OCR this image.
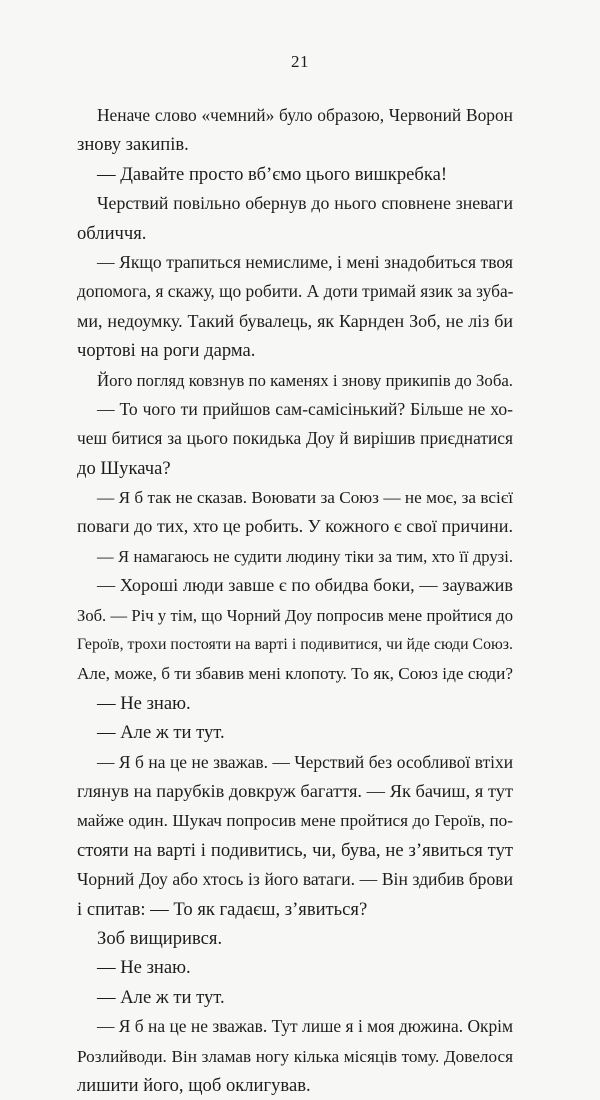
21
Неначе слово «чемний» було образою, Червоний Ворон
знову закипів.
— Давайте просто вб’ємо цього вишкребка!
Черствий повільно обернув до нього сповнене зневаги
обличчя.
— Якщо трапиться немислиме, і мені знадобиться твоя
допомога, я скажу, що робити. А доти тримай язик за зуба-
ми, недоумку. Такий бувалець, як Карнден Зоб, не ліз би
чортові на роги дарма.
Його погляд ковзнув по каменях і знову прикипів до Зоба.
— То чого ти прийшов сам-самісінький? Більше не хо-
чеш битися за цього покидька Доу й вирішив приєднатися
до Шукача?
— Я б так не сказав. Воювати за Союз — не моє, за всієї
поваги до тих, хто це робить. У кожного є свої причини.
— Я намагаюсь не судити людину тіки за тим, хто її друзі.
— Хороші люди завше є по обидва боки, — зауважив
Зоб. — Річ у тім, що Чорний Доу попросив мене пройтися до
Героїв, трохи постояти на варті і подивитися, чи йде сюди Союз.
Але, може, б ти збавив мені клопоту. То як, Союз іде сюди?
— Не знаю.
— Але ж ти тут.
— Я б на це не зважав. — Черствий без особливої втіхи
глянув на парубків довкруж багаття. — Як бачиш, я тут
майже один. Шукач попросив мене пройтися до Героїв, по-
стояти на варті і подивитись, чи, бува, не з’явиться тут
Чорний Доу або хтось із його ватаги. — Він здибив брови
і спитав: — То як гадаєш, з’явиться?
Зоб вищирився.
— Не знаю.
— Але ж ти тут.
— Я б на це не зважав. Тут лише я і моя дюжина. Окрім
Розлийводи. Він зламав ногу кілька місяців тому. Довелося
лишити його, щоб оклигував.
